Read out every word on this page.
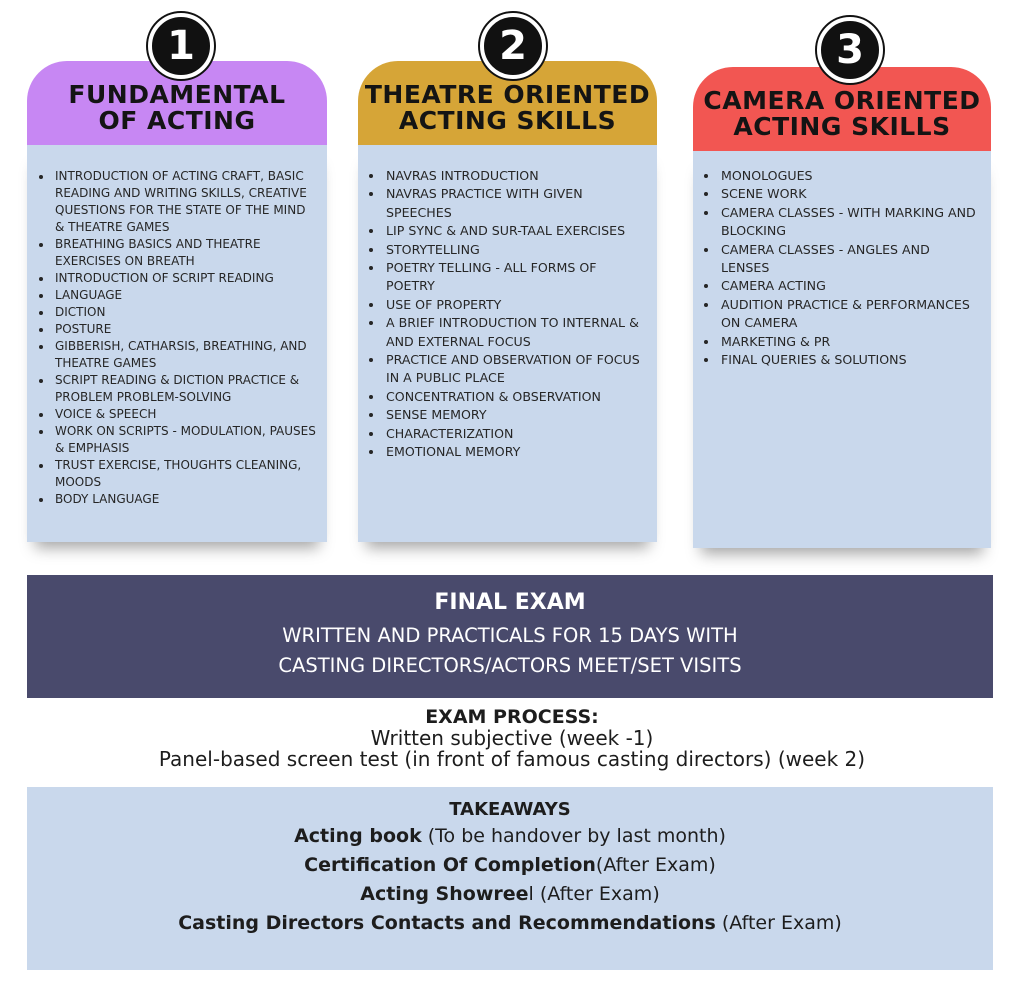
1
FUNDAMENTAL
OF ACTING
• INTRODUCTION OF ACTING CRAFT, BASIC READING AND WRITING SKILLS, CREATIVE QUESTIONS FOR THE STATE OF THE MIND & THEATRE GAMES
• BREATHING BASICS AND THEATRE EXERCISES ON BREATH
• INTRODUCTION OF SCRIPT READING
• LANGUAGE
• DICTION
• POSTURE
• GIBBERISH, CATHARSIS, BREATHING, AND THEATRE GAMES
• SCRIPT READING & DICTION PRACTICE & PROBLEM PROBLEM-SOLVING
• VOICE & SPEECH
• WORK ON SCRIPTS - MODULATION, PAUSES & EMPHASIS
• TRUST EXERCISE, THOUGHTS CLEANING, MOODS
• BODY LANGUAGE
2
THEATRE ORIENTED
ACTING SKILLS
• NAVRAS INTRODUCTION
• NAVRAS PRACTICE WITH GIVEN SPEECHES
• LIP SYNC & AND SUR-TAAL EXERCISES
• STORYTELLING
• POETRY TELLING - ALL FORMS OF POETRY
• USE OF PROPERTY
• A BRIEF INTRODUCTION TO INTERNAL & AND EXTERNAL FOCUS
• PRACTICE AND OBSERVATION OF FOCUS IN A PUBLIC PLACE
• CONCENTRATION & OBSERVATION
• SENSE MEMORY
• CHARACTERIZATION
• EMOTIONAL MEMORY
3
CAMERA ORIENTED
ACTING SKILLS
• MONOLOGUES
• SCENE WORK
• CAMERA CLASSES - WITH MARKING AND BLOCKING
• CAMERA CLASSES - ANGLES AND LENSES
• CAMERA ACTING
• AUDITION PRACTICE & PERFORMANCES ON CAMERA
• MARKETING & PR
• FINAL QUERIES & SOLUTIONS
FINAL EXAM
WRITTEN AND PRACTICALS FOR 15 DAYS WITH
CASTING DIRECTORS/ACTORS MEET/SET VISITS
EXAM PROCESS:
Written subjective (week -1)
Panel-based screen test (in front of famous casting directors) (week 2)
TAKEAWAYS
Acting book (To be handover by last month)
Certification Of Completion(After Exam)
Acting Showreel (After Exam)
Casting Directors Contacts and Recommendations (After Exam)
